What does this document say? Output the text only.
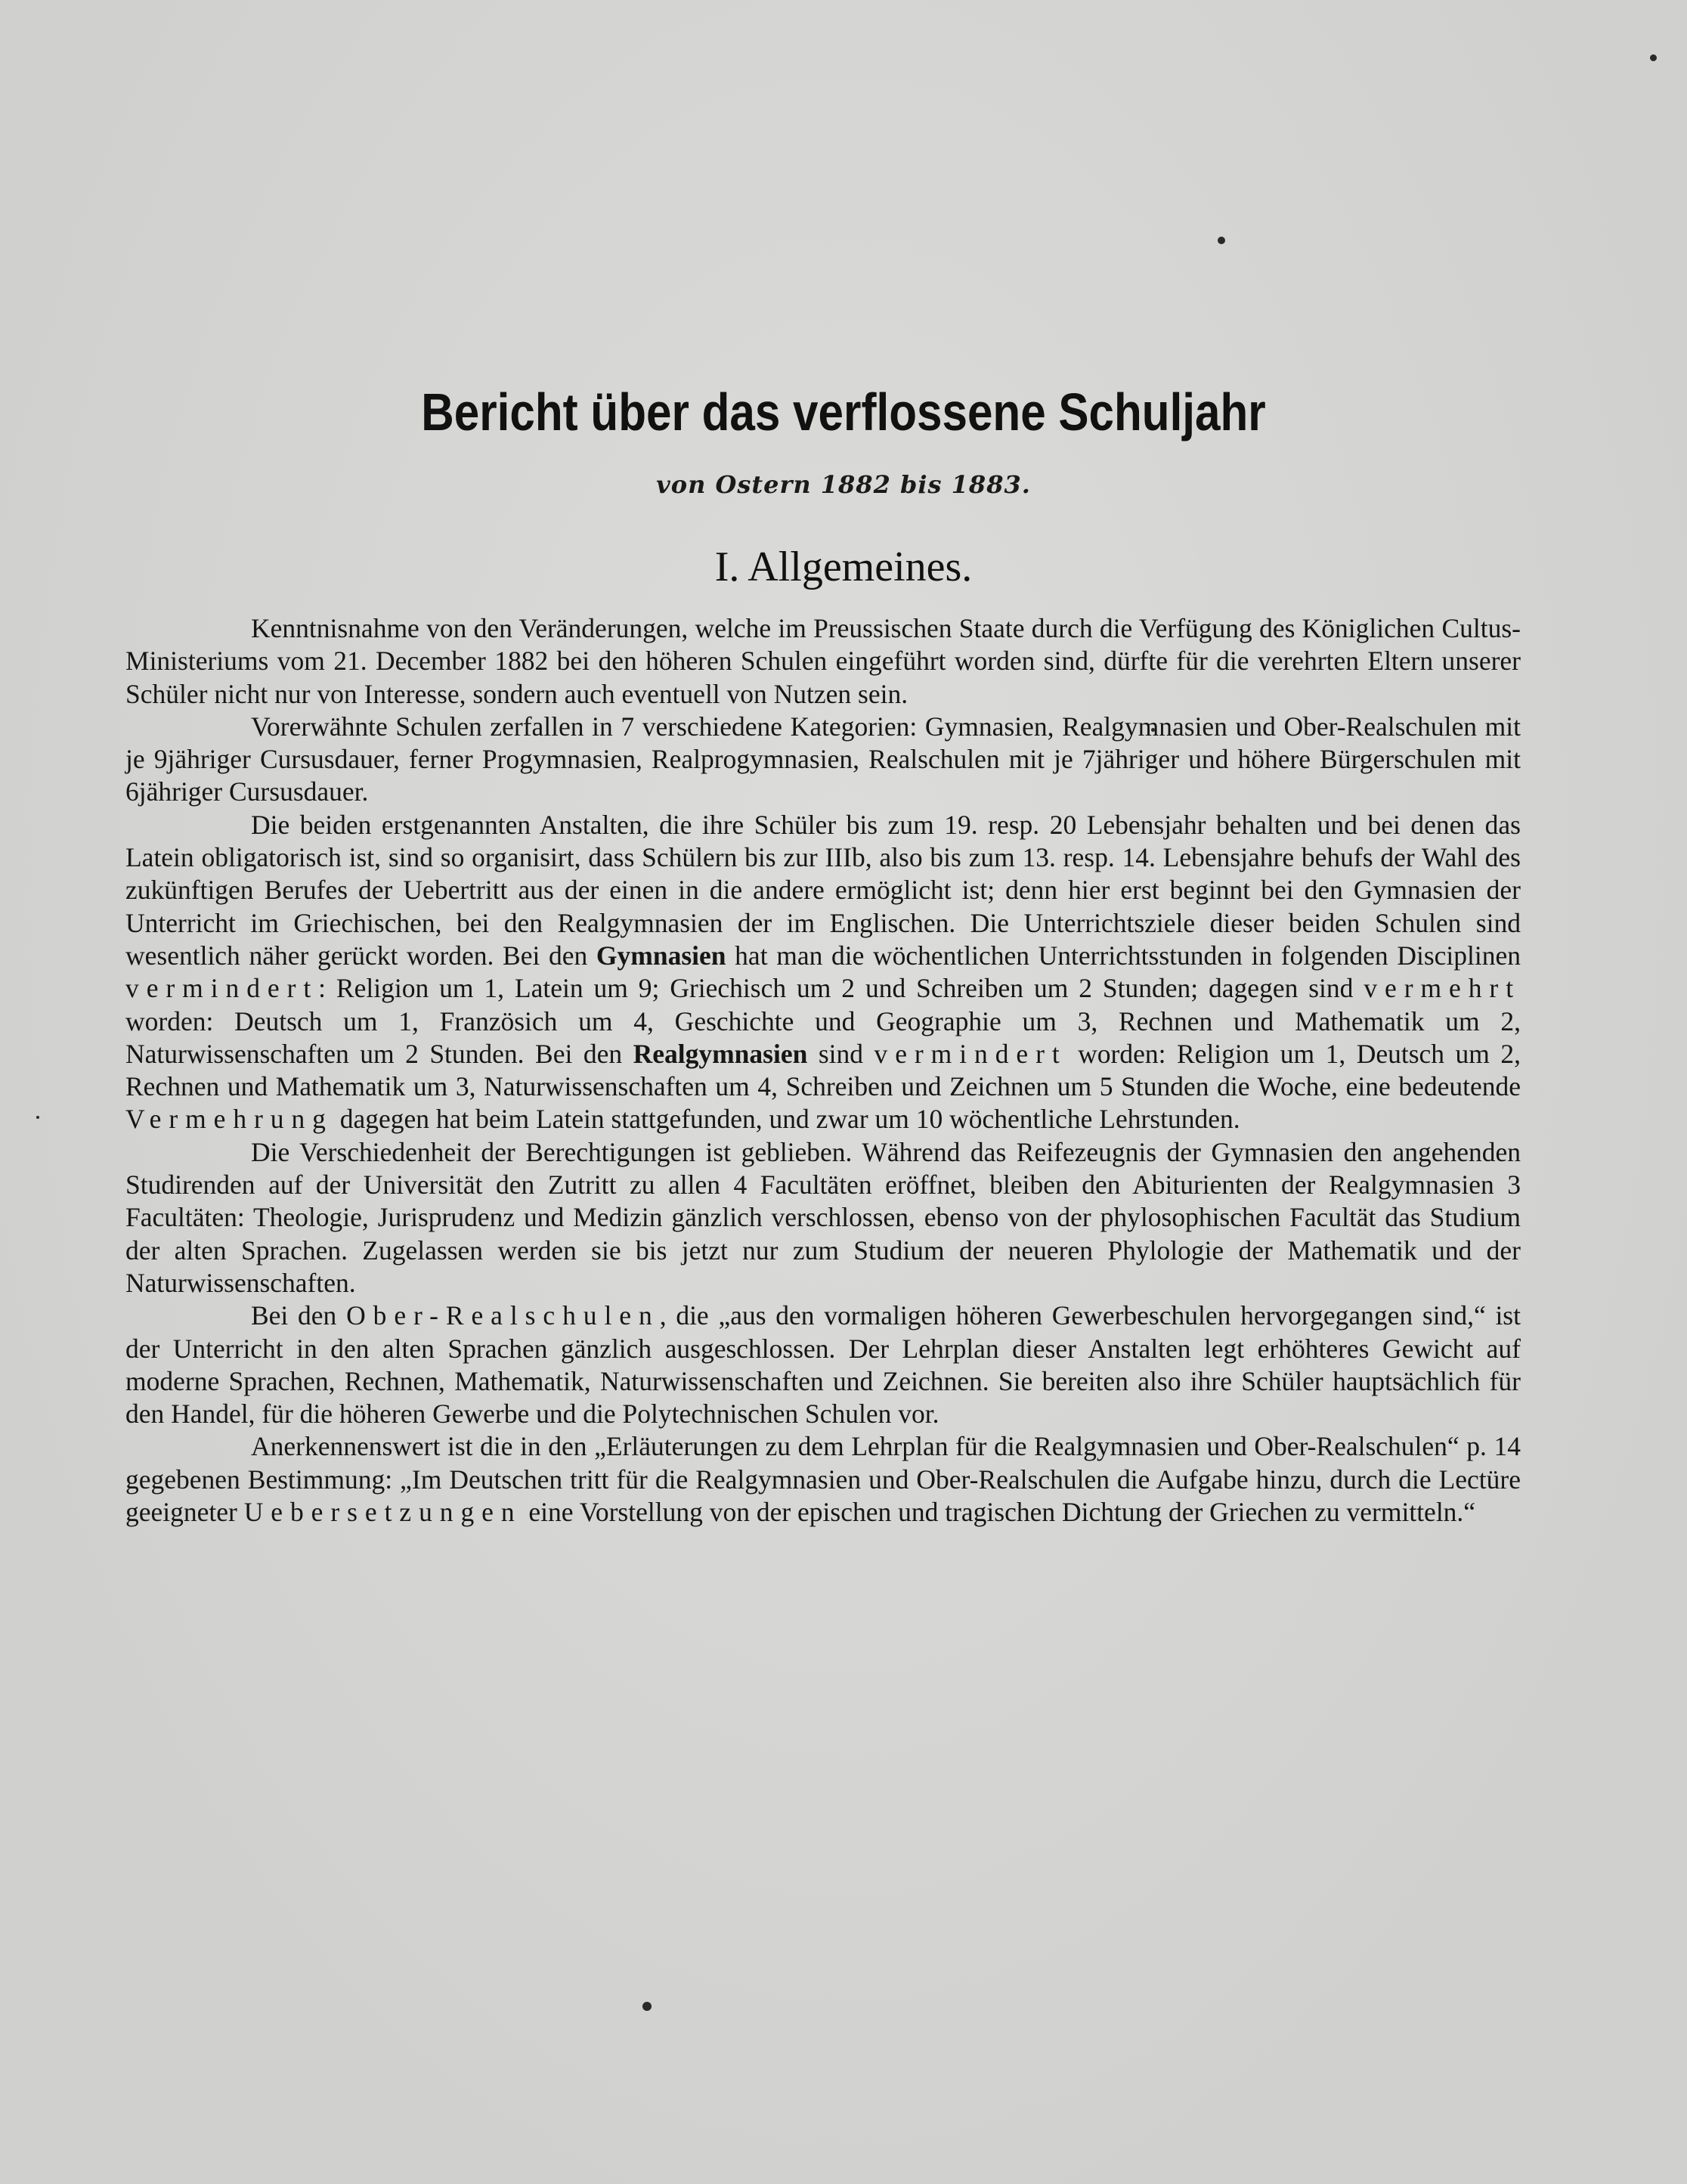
Bericht über das verflossene Schuljahr
von Ostern 1882 bis 1883.
I. Allgemeines.

Kenntnisnahme von den Veränderungen, welche im Preussischen Staate durch die Verfügung des Königlichen Cultus-Ministeriums vom 21. December 1882 bei den höheren Schulen eingeführt worden sind, dürfte für die verehrten Eltern unserer Schüler nicht nur von Interesse, sondern auch eventuell von Nutzen sein.

Vorerwähnte Schulen zerfallen in 7 verschiedene Kategorien: Gymnasien, Realgymnasien und Ober-Realschulen mit je 9jähriger Cursusdauer, ferner Progymnasien, Realprogymnasien, Realschulen mit je 7jähriger und höhere Bürgerschulen mit 6jähriger Cursusdauer.

Die beiden erstgenannten Anstalten, die ihre Schüler bis zum 19. resp. 20 Lebensjahr behalten und bei denen das Latein obligatorisch ist, sind so organisirt, dass Schülern bis zur IIIb, also bis zum 13. resp. 14. Lebensjahre behufs der Wahl des zukünftigen Berufes der Uebertritt aus der einen in die andere ermöglicht ist; denn hier erst beginnt bei den Gymnasien der Unterricht im Griechischen, bei den Realgymnasien der im Englischen. Die Unterrichtsziele dieser beiden Schulen sind wesentlich näher gerückt worden. Bei den Gymnasien hat man die wöchentlichen Unterrichtsstunden in folgenden Disciplinen vermindert: Religion um 1, Latein um 9; Griechisch um 2 und Schreiben um 2 Stunden; dagegen sind vermehrt worden: Deutsch um 1, Französich um 4, Geschichte und Geographie um 3, Rechnen und Mathematik um 2, Naturwissenschaften um 2 Stunden. Bei den Realgymnasien sind vermindert worden: Religion um 1, Deutsch um 2, Rechnen und Mathematik um 3, Naturwissenschaften um 4, Schreiben und Zeichnen um 5 Stunden die Woche, eine bedeutende Vermehrung dagegen hat beim Latein stattgefunden, und zwar um 10 wöchentliche Lehrstunden.

Die Verschiedenheit der Berechtigungen ist geblieben. Während das Reifezeugnis der Gymnasien den angehenden Studirenden auf der Universität den Zutritt zu allen 4 Facultäten eröffnet, bleiben den Abiturienten der Realgymnasien 3 Facultäten: Theologie, Jurisprudenz und Medizin gänzlich verschlossen, ebenso von der phylosophischen Facultät das Studium der alten Sprachen. Zugelassen werden sie bis jetzt nur zum Studium der neueren Phylologie der Mathematik und der Naturwissenschaften.

Bei den Ober-Realschulen, die „aus den vormaligen höheren Gewerbeschulen hervorgegangen sind,“ ist der Unterricht in den alten Sprachen gänzlich ausgeschlossen. Der Lehrplan dieser Anstalten legt erhöhteres Gewicht auf moderne Sprachen, Rechnen, Mathematik, Naturwissenschaften und Zeichnen. Sie bereiten also ihre Schüler hauptsächlich für den Handel, für die höheren Gewerbe und die Polytechnischen Schulen vor.

Anerkennenswert ist die in den „Erläuterungen zu dem Lehrplan für die Realgymnasien und Ober-Realschulen“ p. 14 gegebenen Bestimmung: „Im Deutschen tritt für die Realgymnasien und Ober-Realschulen die Aufgabe hinzu, durch die Lectüre geeigneter Uebersetzungen eine Vorstellung von der epischen und tragischen Dichtung der Griechen zu vermitteln.“
